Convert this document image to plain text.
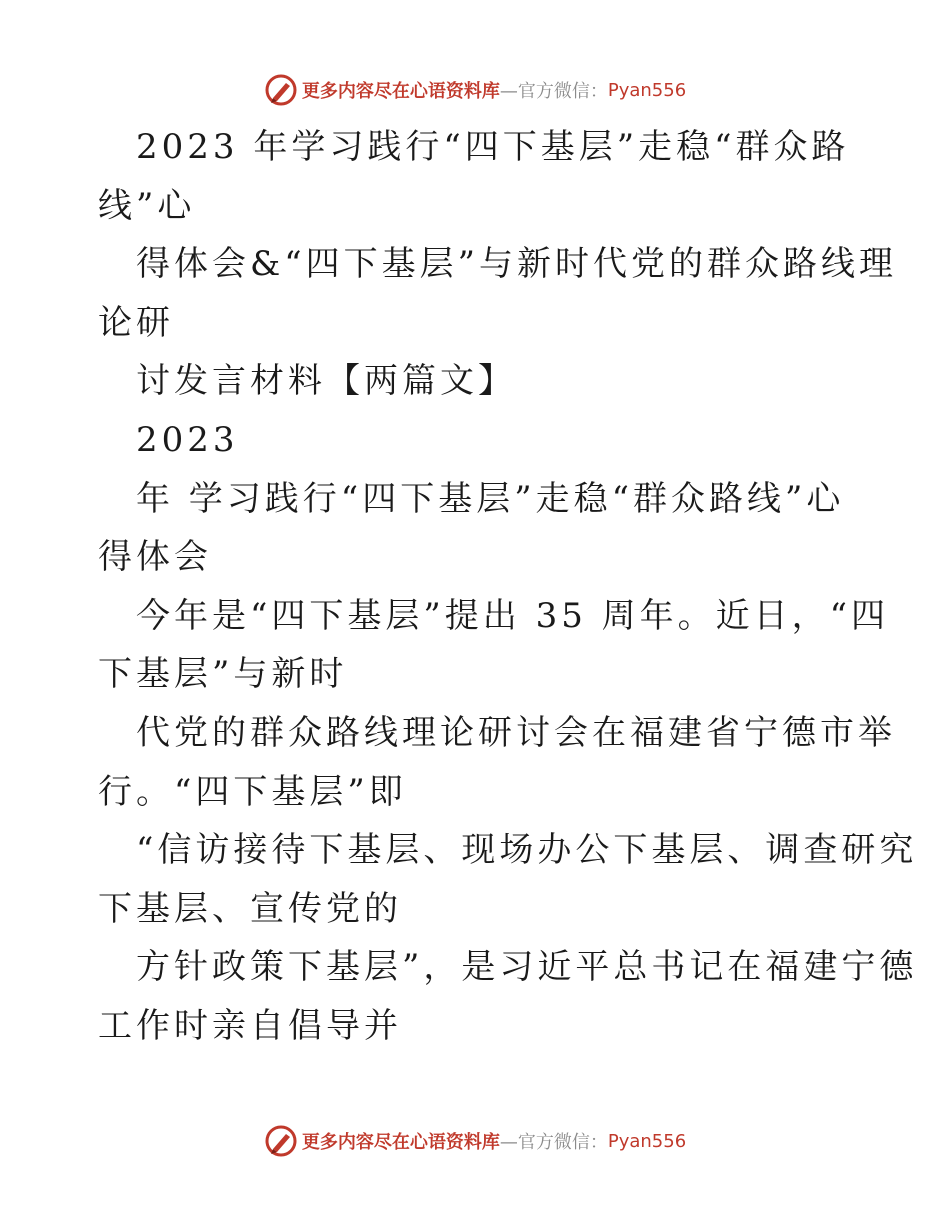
更多内容尽在心语资料库 —官方微信： Pyan556
2023 年学习践行“四下基层”走稳“群众路
线”心
得体会&“四下基层”与新时代党的群众路线理
论研
讨发言材料【两篇文】
2023
年 学习践行“四下基层”走稳“群众路线”心
得体会
今年是“四下基层”提出 35 周年。近日，“四
下基层”与新时
代党的群众路线理论研讨会在福建省宁德市举
行。“四下基层”即
“信访接待下基层、现场办公下基层、调查研究
下基层、宣传党的
方针政策下基层”，是习近平总书记在福建宁德
工作时亲自倡导并
更多内容尽在心语资料库 —官方微信： Pyan556
